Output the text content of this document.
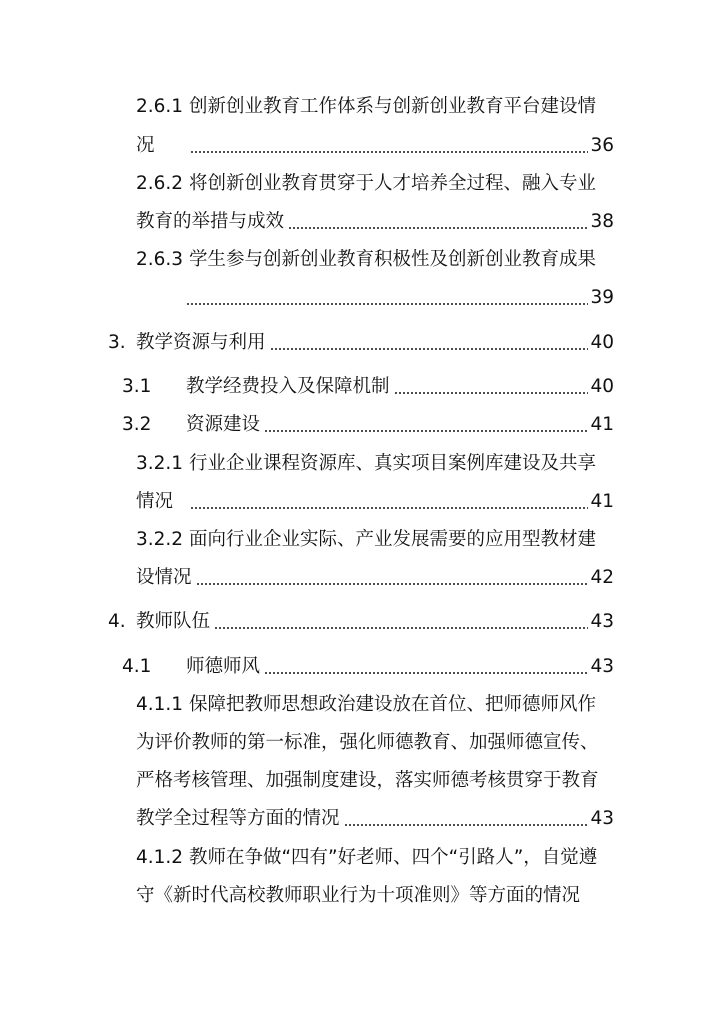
2.6.1 创新创业教育工作体系与创新创业教育平台建设情
况	36
2.6.2 将创新创业教育贯穿于人才培养全过程、融入专业
教育的举措与成效	38
2.6.3 学生参与创新创业教育积极性及创新创业教育成果
39
3. 教学资源与利用	40
3.1	教学经费投入及保障机制	40
3.2	资源建设	41
3.2.1 行业企业课程资源库、真实项目案例库建设及共享
情况	41
3.2.2 面向行业企业实际、产业发展需要的应用型教材建
设情况	42
4. 教师队伍	43
4.1	师德师风	43
4.1.1 保障把教师思想政治建设放在首位、把师德师风作
为评价教师的第一标准，强化师德教育、加强师德宣传、
严格考核管理、加强制度建设，落实师德考核贯穿于教育
教学全过程等方面的情况	43
4.1.2 教师在争做“四有”好老师、四个“引路人”，自觉遵
守《新时代高校教师职业行为十项准则》等方面的情况
